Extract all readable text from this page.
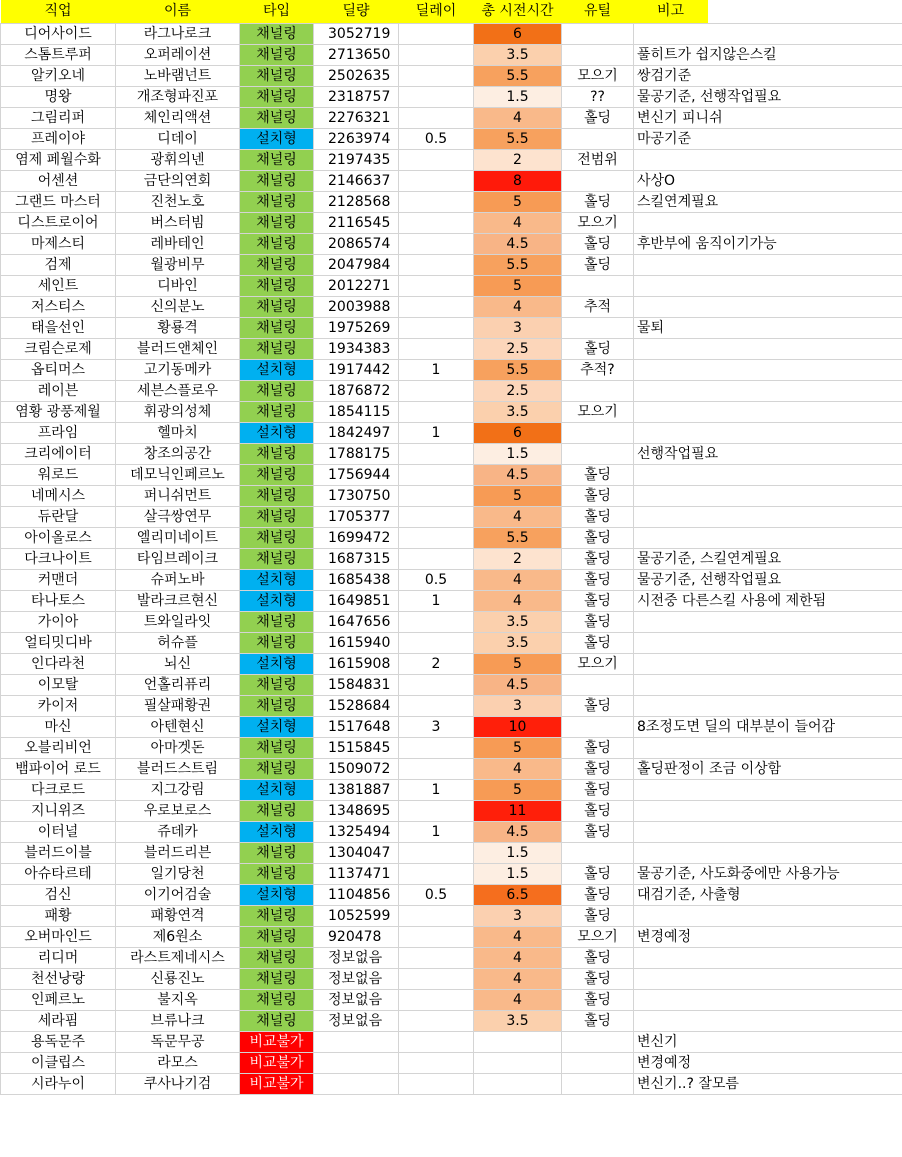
직업	이름	타입	딜량	딜레이	총 시전시간	유틸	비고	
디어사이드	라그나로크	채널링	3052719		6			
스톰트루퍼	오퍼레이션	채널링	2713650		3.5		풀히트가 쉽지않은스킬	
알키오네	노바램넌트	채널링	2502635		5.5	모으기	쌍검기준	
명왕	개조형파진포	채널링	2318757		1.5	??	물공기준, 선행작업필요	
그림리퍼	체인리액션	채널링	2276321		4	홀딩	변신기 피니쉬	
프레이야	디데이	설치형	2263974	0.5	5.5		마공기준	
염제 페월수화	광휘의넨	채널링	2197435		2	전범위		
어센션	금단의연회	채널링	2146637		8		사상O	
그랜드 마스터	진천노호	채널링	2128568		5	홀딩	스킬연계필요	
디스트로이어	버스터빔	채널링	2116545		4	모으기		
마제스티	레바테인	채널링	2086574		4.5	홀딩	후반부에 움직이기가능	
검제	월광비무	채널링	2047984		5.5	홀딩		
세인트	디바인	채널링	2012271		5			
저스티스	신의분노	채널링	2003988		4	추적		
태을선인	황룡격	채널링	1975269		3		물퇴	
크림슨로제	블러드앤체인	채널링	1934383		2.5	홀딩		
옵티머스	고기동메카	설치형	1917442	1	5.5	추적?		
레이븐	세븐스플로우	채널링	1876872		2.5			
염황 광풍제월	휘광의성체	채널링	1854115		3.5	모으기		
프라임	헬마치	설치형	1842497	1	6			
크리에이터	창조의공간	채널링	1788175		1.5		선행작업필요	
워로드	데모닉인페르노	채널링	1756944		4.5	홀딩		
네메시스	퍼니쉬먼트	채널링	1730750		5	홀딩		
듀란달	살극쌍연무	채널링	1705377		4	홀딩		
아이올로스	엘리미네이트	채널링	1699472		5.5	홀딩		
다크나이트	타임브레이크	채널링	1687315		2	홀딩	물공기준, 스킬연계필요	
커맨더	슈퍼노바	설치형	1685438	0.5	4	홀딩	물공기준, 선행작업필요	
타나토스	발라크르현신	설치형	1649851	1	4	홀딩	시전중 다른스킬 사용에 제한됨	
가이아	트와일라잇	채널링	1647656		3.5	홀딩		
얼티밋디바	허슈플	채널링	1615940		3.5	홀딩		
인다라천	뇌신	설치형	1615908	2	5	모으기		
이모탈	언홀리퓨리	채널링	1584831		4.5			
카이저	필살패황권	채널링	1528684		3	홀딩		
마신	아텐현신	설치형	1517648	3	10		8조정도면 딜의 대부분이 들어감	
오블리비언	아마겟돈	채널링	1515845		5	홀딩		
뱀파이어 로드	블러드스트림	채널링	1509072		4	홀딩	홀딩판정이 조금 이상함	
다크로드	지그강림	설치형	1381887	1	5	홀딩		
지니위즈	우로보로스	채널링	1348695		11	홀딩		
이터널	쥬데카	설치형	1325494	1	4.5	홀딩		
블러드이블	블러드리븐	채널링	1304047		1.5			
아슈타르테	일기당천	채널링	1137471		1.5	홀딩	물공기준, 사도화중에만 사용가능	
검신	이기어검술	설치형	1104856	0.5	6.5	홀딩	대검기준, 사출형	
패황	패황연격	채널링	1052599		3	홀딩		
오버마인드	제6원소	채널링	920478		4	모으기	변경예정	
리디머	라스트제네시스	채널링	정보없음		4	홀딩		
천선낭랑	신룡진노	채널링	정보없음		4	홀딩		
인페르노	불지옥	채널링	정보없음		4	홀딩		
세라핌	브류나크	채널링	정보없음		3.5	홀딩		
용독문주	독문무공	비교불가					변신기	
이클립스	라모스	비교불가					변경예정	
시라누이	쿠사나기검	비교불가					변신기..? 잘모름	
